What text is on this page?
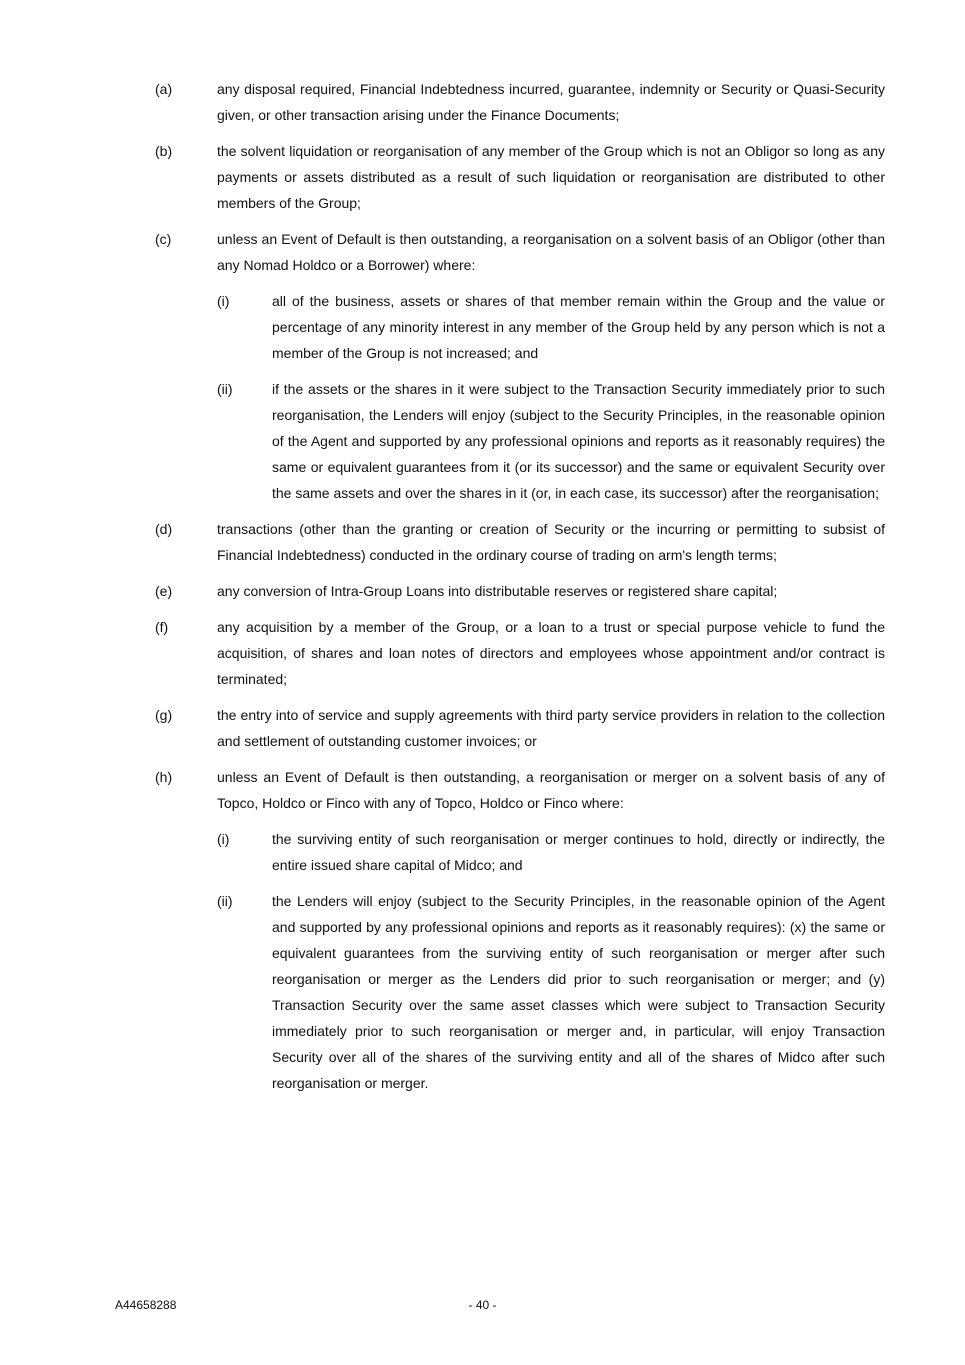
(a)	any disposal required, Financial Indebtedness incurred, guarantee, indemnity or Security or Quasi-Security given, or other transaction arising under the Finance Documents;
(b)	the solvent liquidation or reorganisation of any member of the Group which is not an Obligor so long as any payments or assets distributed as a result of such liquidation or reorganisation are distributed to other members of the Group;
(c)	unless an Event of Default is then outstanding, a reorganisation on a solvent basis of an Obligor (other than any Nomad Holdco or a Borrower) where:
(i)	all of the business, assets or shares of that member remain within the Group and the value or percentage of any minority interest in any member of the Group held by any person which is not a member of the Group is not increased; and
(ii)	if the assets or the shares in it were subject to the Transaction Security immediately prior to such reorganisation, the Lenders will enjoy (subject to the Security Principles, in the reasonable opinion of the Agent and supported by any professional opinions and reports as it reasonably requires) the same or equivalent guarantees from it (or its successor) and the same or equivalent Security over the same assets and over the shares in it (or, in each case, its successor) after the reorganisation;
(d)	transactions (other than the granting or creation of Security or the incurring or permitting to subsist of Financial Indebtedness) conducted in the ordinary course of trading on arm's length terms;
(e)	any conversion of Intra-Group Loans into distributable reserves or registered share capital;
(f)	any acquisition by a member of the Group, or a loan to a trust or special purpose vehicle to fund the acquisition, of shares and loan notes of directors and employees whose appointment and/or contract is terminated;
(g)	the entry into of service and supply agreements with third party service providers in relation to the collection and settlement of outstanding customer invoices; or
(h)	unless an Event of Default is then outstanding, a reorganisation or merger on a solvent basis of any of Topco, Holdco or Finco with any of Topco, Holdco or Finco where:
(i)	the surviving entity of such reorganisation or merger continues to hold, directly or indirectly, the entire issued share capital of Midco; and
(ii)	the Lenders will enjoy (subject to the Security Principles, in the reasonable opinion of the Agent and supported by any professional opinions and reports as it reasonably requires): (x) the same or equivalent guarantees from the surviving entity of such reorganisation or merger after such reorganisation or merger as the Lenders did prior to such reorganisation or merger; and (y) Transaction Security over the same asset classes which were subject to Transaction Security immediately prior to such reorganisation or merger and, in particular, will enjoy Transaction Security over all of the shares of the surviving entity and all of the shares of Midco after such reorganisation or merger.
A44658288	- 40 -
